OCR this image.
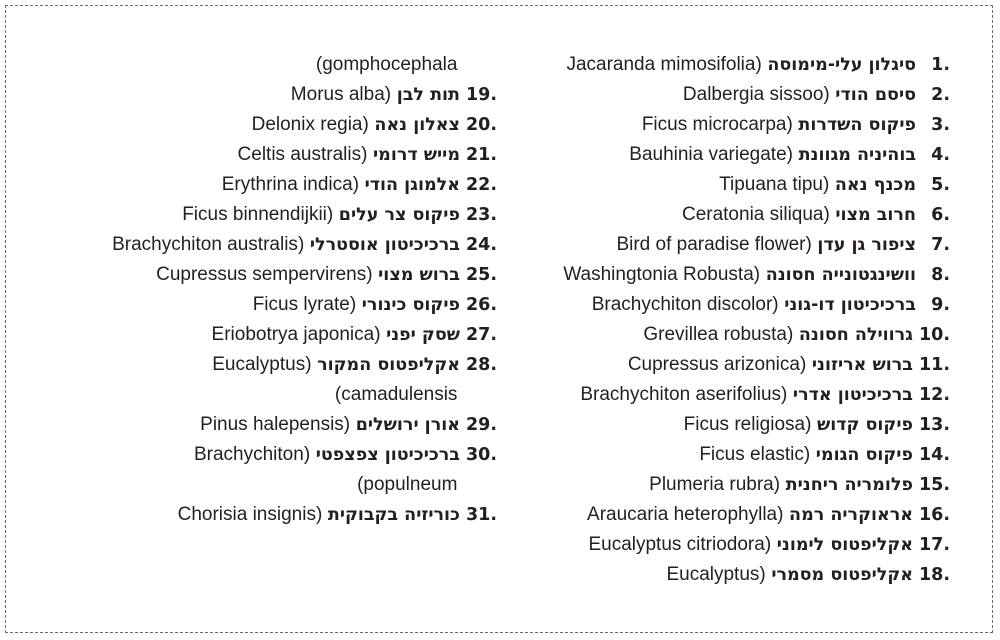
.1סיגלון עלי-מימוסה (Jacaranda mimosifolia
.2סיסם הודי (Dalbergia sissoo
.3פיקוס השדרות (Ficus microcarpa
.4בוהיניה מגוונת (Bauhinia variegate
.5מכנף נאה (Tipuana tipu
.6חרוב מצוי (Ceratonia siliqua
.7ציפור גן עדן (Bird of paradise flower
.8וושינגטונייה חסונה (Washingtonia Robusta
.9ברכיכיטון דו-גוני (Brachychiton discolor
.10גרווילה חסונה (Grevillea robusta
.11ברוש אריזוני (Cupressus arizonica
.12ברכיכיטון אדרי (Brachychiton aserifolius
.13פיקוס קדוש (Ficus religiosa
.14פיקוס הגומי (Ficus elastic
.15פלומריה ריחנית (Plumeria rubra
.16אראוקריה רמה (Araucaria heterophylla
.17אקליפטוס לימוני (Eucalyptus citriodora
.18אקליפטוס מסמרי (Eucalyptus
gomphocephala)
.19תות לבן (Morus alba
.20צאלון נאה (Delonix regia
.21מייש דרומי (Celtis australis
.22אלמוגן הודי (Erythrina indica
.23פיקוס צר עלים (Ficus binnendijkii
.24ברכיכיטון אוסטרלי (Brachychiton australis
.25ברוש מצוי (Cupressus sempervirens
.26פיקוס כינורי (Ficus lyrate
.27שסק יפני (Eriobotrya japonica
.28אקליפטוס המקור (Eucalyptus
camadulensis)
.29אורן ירושלים (Pinus halepensis
.30ברכיכיטון צפצפטי (Brachychiton
populneum)
.31כוריזיה בקבוקית (Chorisia insignis
